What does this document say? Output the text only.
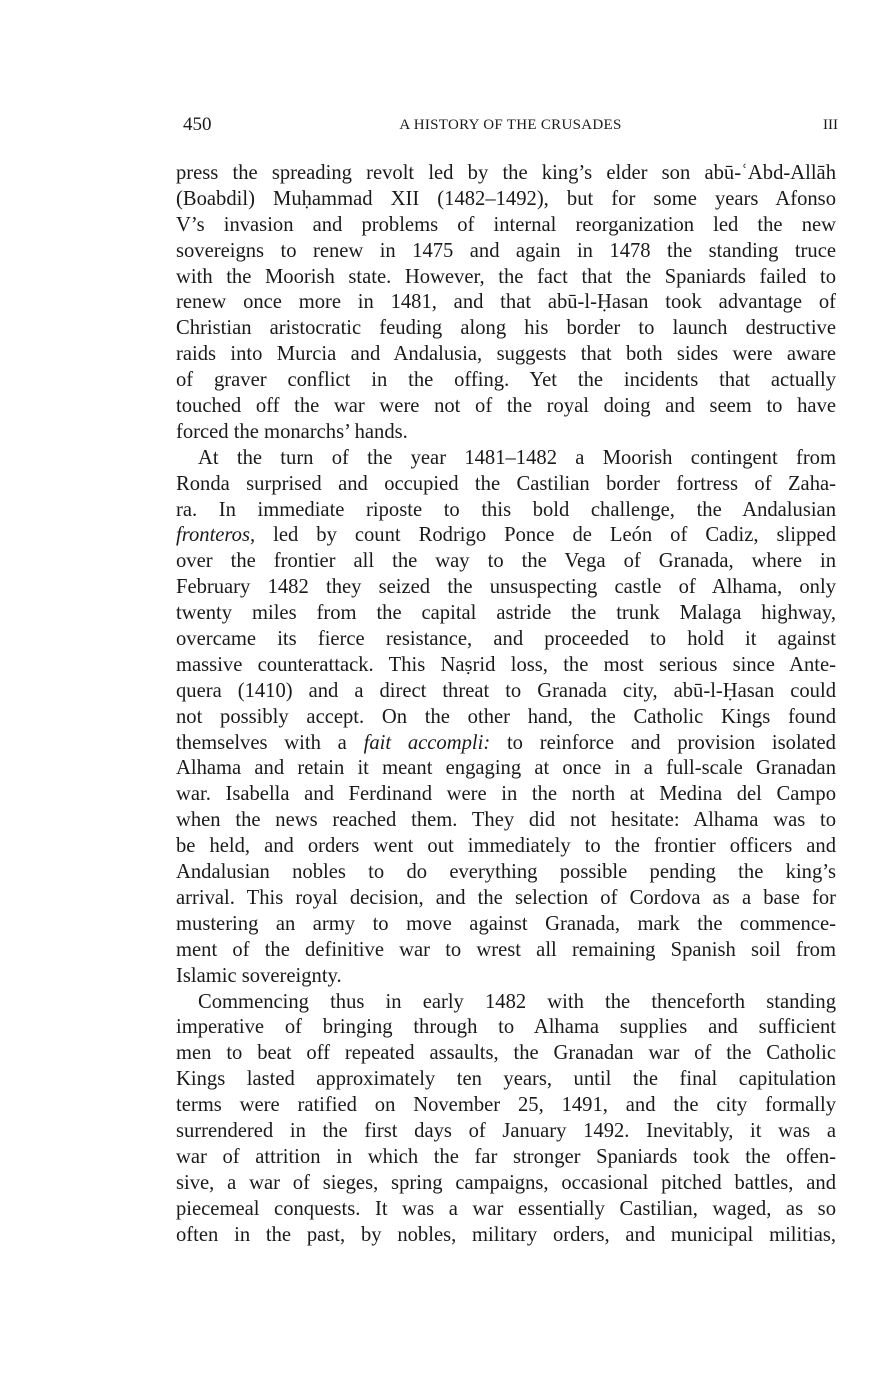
450	A HISTORY OF THE CRUSADES	III
press the spreading revolt led by the king’s elder son abū-ʿAbd-Allāh
(Boabdil) Muḥammad XII (1482–1492), but for some years Afonso
V’s invasion and problems of internal reorganization led the new
sovereigns to renew in 1475 and again in 1478 the standing truce
with the Moorish state. However, the fact that the Spaniards failed to
renew once more in 1481, and that abū-l-Ḥasan took advantage of
Christian aristocratic feuding along his border to launch destructive
raids into Murcia and Andalusia, suggests that both sides were aware
of graver conflict in the offing. Yet the incidents that actually
touched off the war were not of the royal doing and seem to have
forced the monarchs’ hands.
At the turn of the year 1481–1482 a Moorish contingent from
Ronda surprised and occupied the Castilian border fortress of Zaha-
ra. In immediate riposte to this bold challenge, the Andalusian
fronteros, led by count Rodrigo Ponce de León of Cadiz, slipped
over the frontier all the way to the Vega of Granada, where in
February 1482 they seized the unsuspecting castle of Alhama, only
twenty miles from the capital astride the trunk Malaga highway,
overcame its fierce resistance, and proceeded to hold it against
massive counterattack. This Naṣrid loss, the most serious since Ante-
quera (1410) and a direct threat to Granada city, abū-l-Ḥasan could
not possibly accept. On the other hand, the Catholic Kings found
themselves with a fait accompli: to reinforce and provision isolated
Alhama and retain it meant engaging at once in a full-scale Granadan
war. Isabella and Ferdinand were in the north at Medina del Campo
when the news reached them. They did not hesitate: Alhama was to
be held, and orders went out immediately to the frontier officers and
Andalusian nobles to do everything possible pending the king’s
arrival. This royal decision, and the selection of Cordova as a base for
mustering an army to move against Granada, mark the commence-
ment of the definitive war to wrest all remaining Spanish soil from
Islamic sovereignty.
Commencing thus in early 1482 with the thenceforth standing
imperative of bringing through to Alhama supplies and sufficient
men to beat off repeated assaults, the Granadan war of the Catholic
Kings lasted approximately ten years, until the final capitulation
terms were ratified on November 25, 1491, and the city formally
surrendered in the first days of January 1492. Inevitably, it was a
war of attrition in which the far stronger Spaniards took the offen-
sive, a war of sieges, spring campaigns, occasional pitched battles, and
piecemeal conquests. It was a war essentially Castilian, waged, as so
often in the past, by nobles, military orders, and municipal militias,
